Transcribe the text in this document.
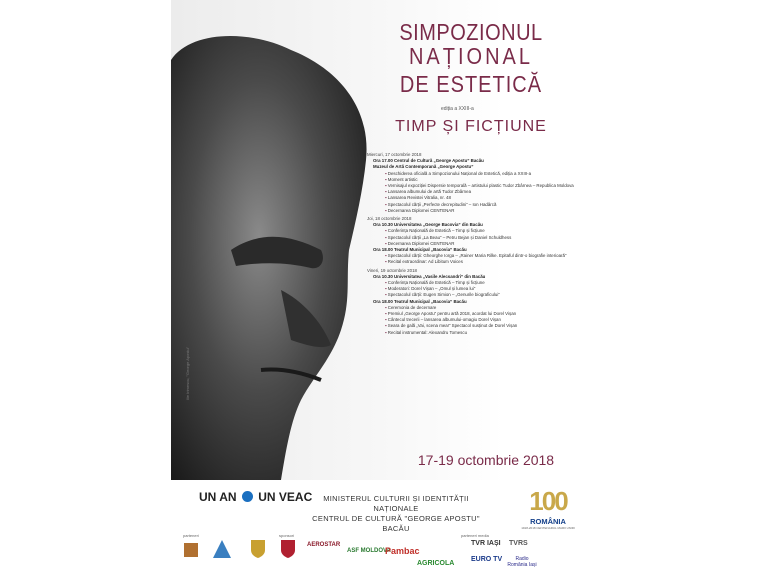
Ilie Irimescu, "George Apostu"
SIMPOZIONUL
NAȚIONAL
DE ESTETICĂ
ediția a XXIII-a
TIMP ȘI FICȚIUNE
Miercuri, 17 octombrie 2018
Ora 17.00 Centrul de Cultură „George Apostu” Bacău
Muzeul de Artă Contemporană „George Apostu”
▪ Deschiderea oficială a Simpozionului Național de Estetică, ediția a XXIII-a
▪ Moment artistic
▪ Vernisajul expoziției Dispersie temporală – artistului plastic Tudor Zbârnea – Republica Moldova
▪ Lansarea albumului de artă Tudor Zbârnea
▪ Lansarea Revistei Vitralia, nr. 48
▪ Spectacolul cărții „Perfecte decrepitudini” – Ion Hadârcă
▪ Decernarea Diplomei CENTENAR
Joi, 18 octombrie 2018
Ora 10.30 Universitatea „George Bacovia” din Bacău
▪ Conferința Națională de Estetică – Timp și ficțiune
▪ Spectacolul cărții „La Beau” – Petru Bejan și Daniel Schuldhess
▪ Decernarea Diplomei CENTENAR
Ora 18.00 Teatrul Municipal „Bacovia” Bacău
▪ Spectacolul cărții: Gheorghe Iorga – „Rainer Maria Rilke. Epitaful dintr-o biografie interioară”
▪ Recital extraordinar: Ad Libitum Voices
Vineri, 19 octombrie 2018
Ora 10.30 Universitatea „Vasile Alecsandri” din Bacău
▪ Conferința Națională de Estetică – Timp și ficțiune
▪ Moderatori: Dorel Vișan – „Omul și lumea lui”
▪ Spectacolul cărții: Eugen Simion – „Genurile biograficului”
Ora 18.00 Teatrul Municipal „Bacovia” Bacău
▪ Ceremonia de decernare
▪ Premiul „George Apostu” pentru artă 2018, acordat lui Dorel Vișan
▪ Cântecul trecerii – lansarea albumului-omagiu Dorel Vișan
▪ Seara de gală „Vai, scena mea!” Spectacol susținut de Dorel Vișan
▪ Recital instrumental: Alexandru Tomescu
17-19 octombrie 2018
UN AN UN VEAC	MINISTERUL CULTURII ȘI IDENTITĂȚII NAȚIONALE
CENTRUL DE CULTURĂ "GEORGE APOSTU" BACĂU
100
ROMÂNIA
1918-2018 CENTENARUL MARII UNIRI
parteneri	sponsori	parteneri media
AEROSTAR
ASF MOLDOVA
Pambac
AGRICOLA
TVR IAȘI TVRS
EURO TV	Radio România Iași
